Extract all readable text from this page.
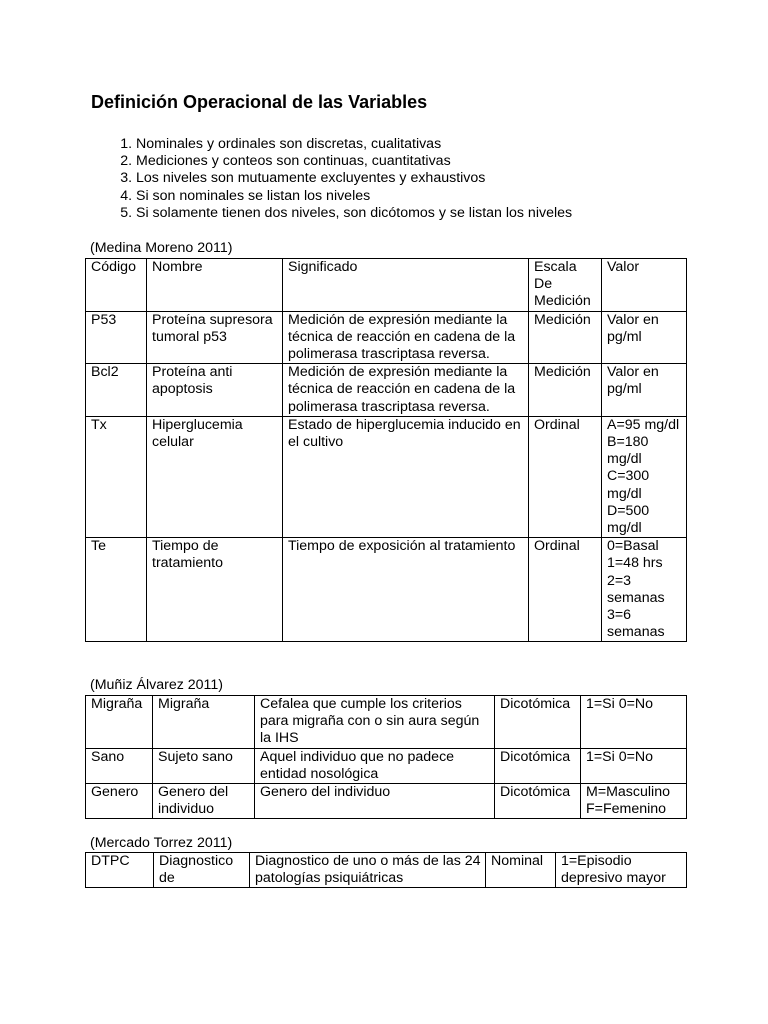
Definición Operacional de las Variables
1. Nominales y ordinales son discretas, cualitativas
2. Mediciones y conteos son continuas, cuantitativas
3. Los niveles son mutuamente excluyentes y exhaustivos
4. Si son nominales se listan los niveles
5. Si solamente tienen dos niveles, son dicótomos y se listan los niveles

(Medina Moreno 2011)

Código	Nombre	Significado	Escala De Medición	Valor
P53	Proteína supresora tumoral p53	Medición de expresión mediante la técnica de reacción en cadena de la polimerasa trascriptasa reversa.	Medición	Valor en pg/ml
Bcl2	Proteína anti apoptosis	Medición de expresión mediante la técnica de reacción en cadena de la polimerasa trascriptasa reversa.	Medición	Valor en pg/ml
Tx	Hiperglucemia celular	Estado de hiperglucemia inducido en el cultivo	Ordinal	A=95 mg/dl B=180 mg/dl C=300 mg/dl D=500 mg/dl
Te	Tiempo de tratamiento	Tiempo de exposición al tratamiento	Ordinal	0=Basal 1=48 hrs 2=3 semanas 3=6 semanas

(Muñiz Álvarez 2011)

Migraña	Migraña	Cefalea que cumple los criterios para migraña con o sin aura según la IHS	Dicotómica	1=Si 0=No
Sano	Sujeto sano	Aquel individuo que no padece entidad nosológica	Dicotómica	1=Si 0=No
Genero	Genero del individuo	Genero del individuo	Dicotómica	M=Masculino F=Femenino

(Mercado Torrez 2011)

DTPC	Diagnostico de	Diagnostico de uno o más de las 24 patologías psiquiátricas	Nominal	1=Episodio depresivo mayor
